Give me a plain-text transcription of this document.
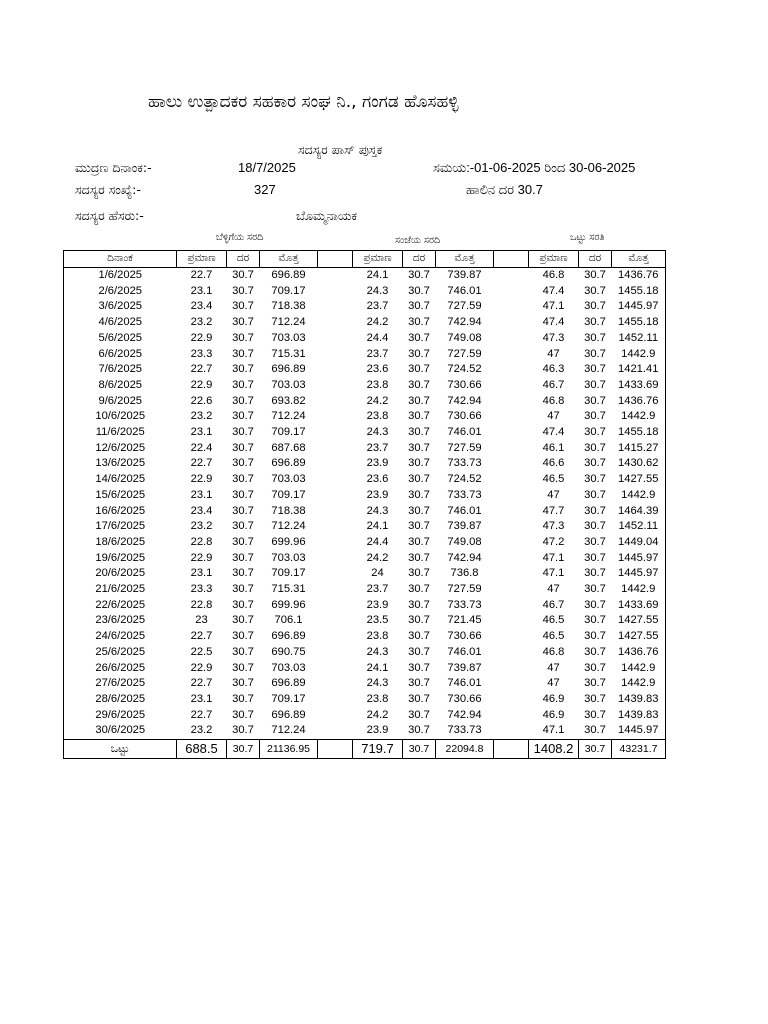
ಹಾಲು ಉತ್ಪಾದಕರ ಸಹಕಾರ ಸಂಘ ನಿ., ಗಂಗಡ ಹೊಸಹಳ್ಳಿ
ಸದಸ್ಯರ ಪಾಸ್ ಪುಸ್ತಕ
ಮುದ್ರಣ ದಿನಾಂಕ:-	18/7/2025	ಸಮಯ:-01-06-2025 ರಿಂದ 30-06-2025
ಸದಸ್ಯರ ಸಂಖ್ಯೆ:-	327	ಹಾಲಿನ ದರ 30.7
ಸದಸ್ಯರ ಹೆಸರು:-	ಬೊಮ್ಮನಾಯಕ
ಬೆಳ್ಳಿಗೆಯ ಸರದಿ	ಸಂಜೆಯ ಸರದಿ	ಒಟ್ಟು ಸರತಿ
ದಿನಾಂಕ	ಪ್ರಮಾಣ	ದರ	ಮೊತ್ತ		ಪ್ರಮಾಣ	ದರ	ಮೊತ್ತ		ಪ್ರಮಾಣ	ದರ	ಮೊತ್ತ
1/6/2025	22.7	30.7	696.89		24.1	30.7	739.87		46.8	30.7	1436.76
2/6/2025	23.1	30.7	709.17		24.3	30.7	746.01		47.4	30.7	1455.18
3/6/2025	23.4	30.7	718.38		23.7	30.7	727.59		47.1	30.7	1445.97
4/6/2025	23.2	30.7	712.24		24.2	30.7	742.94		47.4	30.7	1455.18
5/6/2025	22.9	30.7	703.03		24.4	30.7	749.08		47.3	30.7	1452.11
6/6/2025	23.3	30.7	715.31		23.7	30.7	727.59		47	30.7	1442.9
7/6/2025	22.7	30.7	696.89		23.6	30.7	724.52		46.3	30.7	1421.41
8/6/2025	22.9	30.7	703.03		23.8	30.7	730.66		46.7	30.7	1433.69
9/6/2025	22.6	30.7	693.82		24.2	30.7	742.94		46.8	30.7	1436.76
10/6/2025	23.2	30.7	712.24		23.8	30.7	730.66		47	30.7	1442.9
11/6/2025	23.1	30.7	709.17		24.3	30.7	746.01		47.4	30.7	1455.18
12/6/2025	22.4	30.7	687.68		23.7	30.7	727.59		46.1	30.7	1415.27
13/6/2025	22.7	30.7	696.89		23.9	30.7	733.73		46.6	30.7	1430.62
14/6/2025	22.9	30.7	703.03		23.6	30.7	724.52		46.5	30.7	1427.55
15/6/2025	23.1	30.7	709.17		23.9	30.7	733.73		47	30.7	1442.9
16/6/2025	23.4	30.7	718.38		24.3	30.7	746.01		47.7	30.7	1464.39
17/6/2025	23.2	30.7	712.24		24.1	30.7	739.87		47.3	30.7	1452.11
18/6/2025	22.8	30.7	699.96		24.4	30.7	749.08		47.2	30.7	1449.04
19/6/2025	22.9	30.7	703.03		24.2	30.7	742.94		47.1	30.7	1445.97
20/6/2025	23.1	30.7	709.17		24	30.7	736.8		47.1	30.7	1445.97
21/6/2025	23.3	30.7	715.31		23.7	30.7	727.59		47	30.7	1442.9
22/6/2025	22.8	30.7	699.96		23.9	30.7	733.73		46.7	30.7	1433.69
23/6/2025	23	30.7	706.1		23.5	30.7	721.45		46.5	30.7	1427.55
24/6/2025	22.7	30.7	696.89		23.8	30.7	730.66		46.5	30.7	1427.55
25/6/2025	22.5	30.7	690.75		24.3	30.7	746.01		46.8	30.7	1436.76
26/6/2025	22.9	30.7	703.03		24.1	30.7	739.87		47	30.7	1442.9
27/6/2025	22.7	30.7	696.89		24.3	30.7	746.01		47	30.7	1442.9
28/6/2025	23.1	30.7	709.17		23.8	30.7	730.66		46.9	30.7	1439.83
29/6/2025	22.7	30.7	696.89		24.2	30.7	742.94		46.9	30.7	1439.83
30/6/2025	23.2	30.7	712.24		23.9	30.7	733.73		47.1	30.7	1445.97
ಒಟ್ಟು	688.5	30.7	21136.95		719.7	30.7	22094.8		1408.2	30.7	43231.7
